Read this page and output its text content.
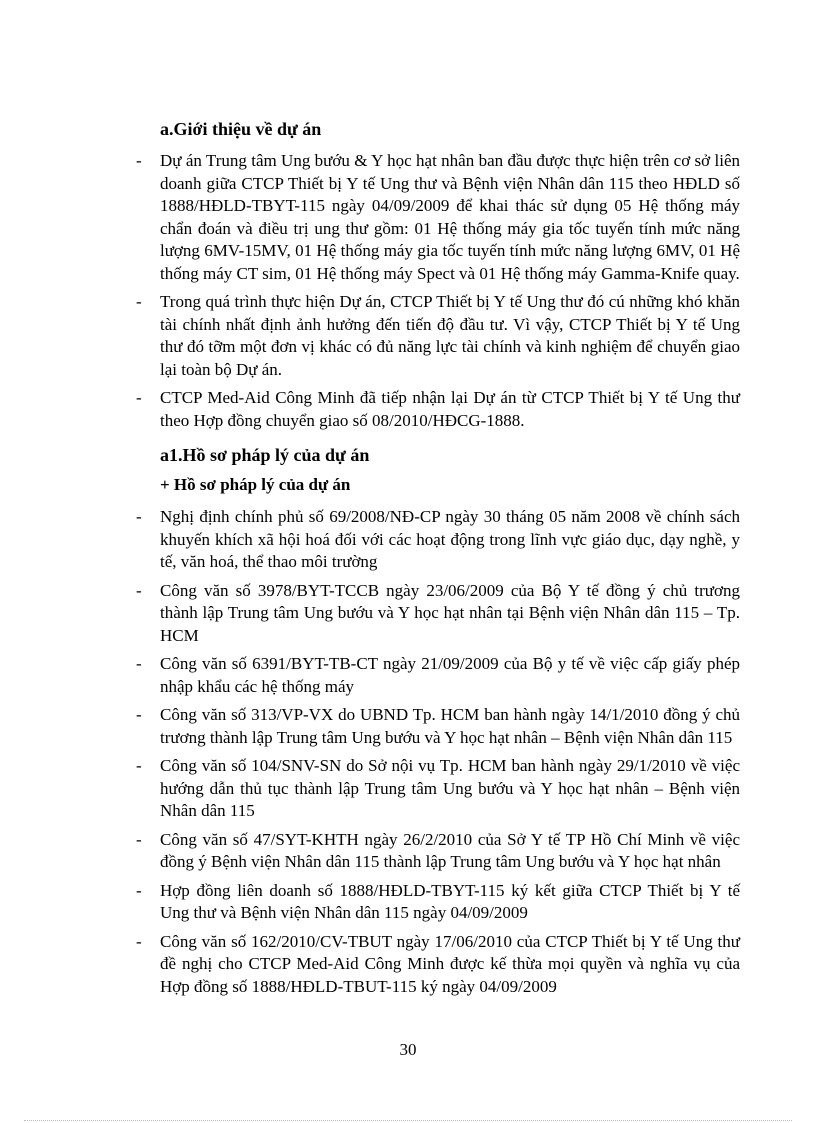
a.Giới thiệu về dự án
- Dự án Trung tâm Ung bướu & Y học hạt nhân ban đầu được thực hiện trên cơ sở liên doanh giữa CTCP Thiết bị Y tế Ung thư và Bệnh viện Nhân dân 115 theo HĐLD số 1888/HĐLD-TBYT-115 ngày 04/09/2009 để khai thác sử dụng 05 Hệ thống máy chẩn đoán và điều trị ung thư gồm: 01 Hệ thống máy gia tốc tuyến tính mức năng lượng 6MV-15MV, 01 Hệ thống máy gia tốc tuyến tính mức năng lượng 6MV, 01 Hệ thống máy CT sim, 01 Hệ thống máy Spect và 01 Hệ thống máy Gamma-Knife quay.
- Trong quá trình thực hiện Dự án, CTCP Thiết bị Y tế Ung thư đó cú những khó khăn tài chính nhất định ảnh hưởng đến tiến độ đầu tư. Vì vậy, CTCP Thiết bị Y tế Ung thư đó tỡm một đơn vị khác có đủ năng lực tài chính và kinh nghiệm để chuyển giao lại toàn bộ Dự án.
- CTCP Med-Aid Công Minh đã tiếp nhận lại Dự án từ CTCP Thiết bị Y tế Ung thư theo Hợp đồng chuyển giao số 08/2010/HĐCG-1888.
a1.Hồ sơ pháp lý của dự án
+ Hồ sơ pháp lý của dự án
- Nghị định chính phủ số 69/2008/NĐ-CP ngày 30 tháng 05 năm 2008 về chính sách khuyến khích xã hội hoá đối với các hoạt động trong lĩnh vực giáo dục, dạy nghề, y tế, văn hoá, thể thao môi trường
- Công văn số 3978/BYT-TCCB ngày 23/06/2009 của Bộ Y tế đồng ý chủ trương thành lập Trung tâm Ung bướu và Y học hạt nhân tại Bệnh viện Nhân dân 115 – Tp. HCM
- Công văn số 6391/BYT-TB-CT ngày 21/09/2009 của Bộ y tế về việc cấp giấy phép nhập khẩu các hệ thống máy
- Công văn số 313/VP-VX do UBND Tp. HCM ban hành ngày 14/1/2010 đồng ý chủ trương thành lập Trung tâm Ung bướu và Y học hạt nhân – Bệnh viện Nhân dân 115
- Công văn số 104/SNV-SN do Sở nội vụ Tp. HCM ban hành ngày 29/1/2010 về việc hướng dẫn thủ tục thành lập Trung tâm Ung bướu và Y học hạt nhân – Bệnh viện Nhân dân 115
- Công văn số 47/SYT-KHTH ngày 26/2/2010 của Sở Y tế TP Hồ Chí Minh về việc đồng ý Bệnh viện Nhân dân 115 thành lập Trung tâm Ung bướu và Y học hạt nhân
- Hợp đồng liên doanh số 1888/HĐLD-TBYT-115 ký kết giữa CTCP Thiết bị Y tế Ung thư và Bệnh viện Nhân dân 115 ngày 04/09/2009
- Công văn số 162/2010/CV-TBUT ngày 17/06/2010 của CTCP Thiết bị Y tế Ung thư đề nghị cho CTCP Med-Aid Công Minh được kế thừa mọi quyền và nghĩa vụ của Hợp đồng số 1888/HĐLD-TBUT-115 ký ngày 04/09/2009
30
